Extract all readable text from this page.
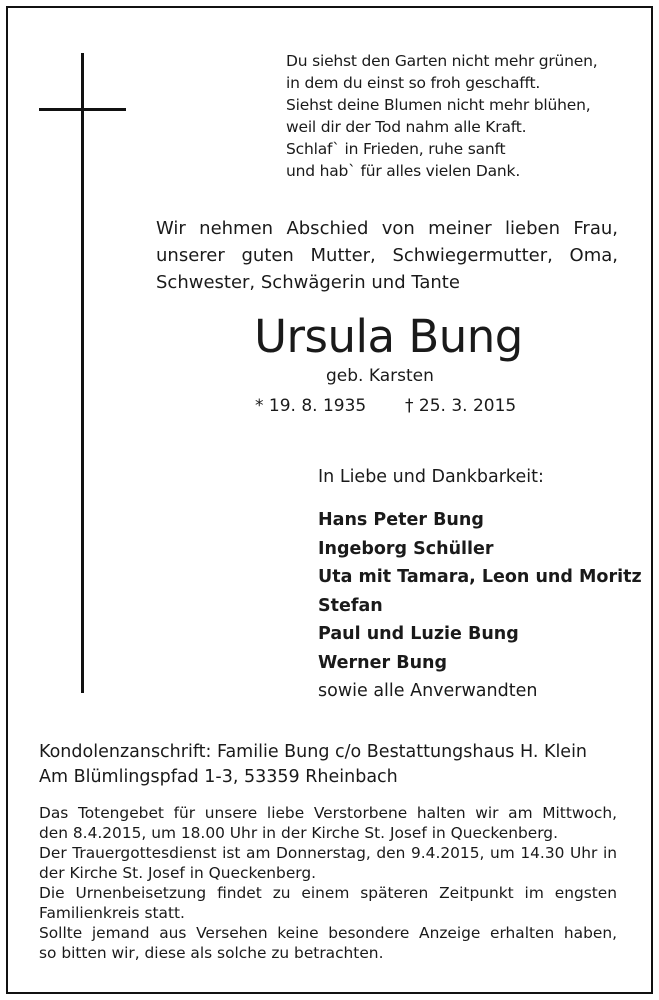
Du siehst den Garten nicht mehr grünen,
in dem du einst so froh geschafft.
Siehst deine Blumen nicht mehr blühen,
weil dir der Tod nahm alle Kraft.
Schlaf` in Frieden, ruhe sanft
und hab` für alles vielen Dank.
Wir nehmen Abschied von meiner lieben Frau,
unserer guten Mutter, Schwiegermutter, Oma,
Schwester, Schwägerin und Tante
Ursula Bung
geb. Karsten
* 19. 8. 1935 † 25. 3. 2015
In Liebe und Dankbarkeit:
Hans Peter Bung
Ingeborg Schüller
Uta mit Tamara, Leon und Moritz
Stefan
Paul und Luzie Bung
Werner Bung
sowie alle Anverwandten
Kondolenzanschrift: Familie Bung c/o Bestattungshaus H. Klein
Am Blümlingspfad 1-3, 53359 Rheinbach
Das Totengebet für unsere liebe Verstorbene halten wir am Mittwoch,
den 8.4.2015, um 18.00 Uhr in der Kirche St. Josef in Queckenberg.
Der Trauergottesdienst ist am Donnerstag, den 9.4.2015, um 14.30 Uhr in
der Kirche St. Josef in Queckenberg.
Die Urnenbeisetzung findet zu einem späteren Zeitpunkt im engsten
Familienkreis statt.
Sollte jemand aus Versehen keine besondere Anzeige erhalten haben,
so bitten wir, diese als solche zu betrachten.
